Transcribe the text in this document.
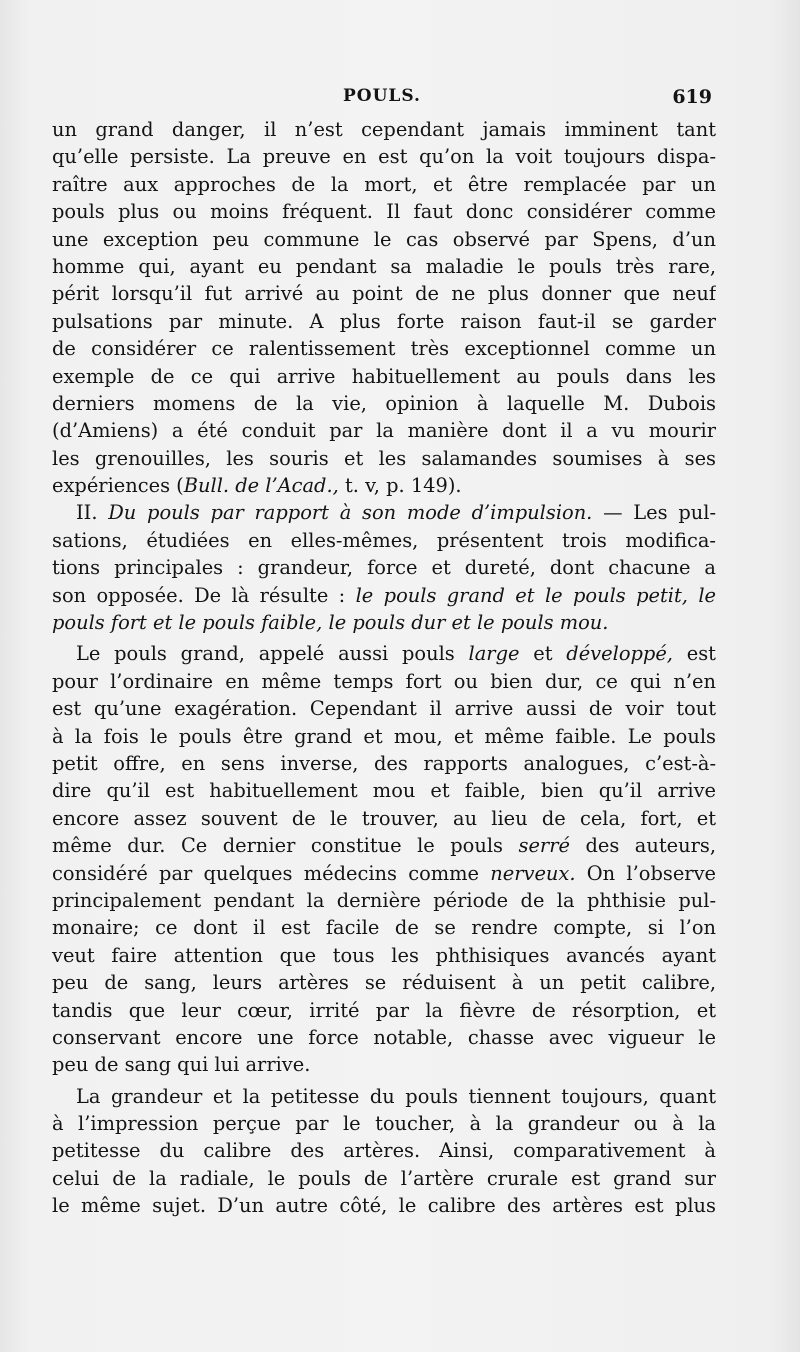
POULS.	619
un grand danger, il n’est cependant jamais imminent tant
qu’elle persiste. La preuve en est qu’on la voit toujours dispa-
raître aux approches de la mort, et être remplacée par un
pouls plus ou moins fréquent. Il faut donc considérer comme
une exception peu commune le cas observé par Spens, d’un
homme qui, ayant eu pendant sa maladie le pouls très rare,
périt lorsqu’il fut arrivé au point de ne plus donner que neuf
pulsations par minute. A plus forte raison faut-il se garder
de considérer ce ralentissement très exceptionnel comme un
exemple de ce qui arrive habituellement au pouls dans les
derniers momens de la vie, opinion à laquelle M. Dubois
(d’Amiens) a été conduit par la manière dont il a vu mourir
les grenouilles, les souris et les salamandes soumises à ses
expériences (Bull. de l’Acad., t. v, p. 149).
II. Du pouls par rapport à son mode d’impulsion. — Les pul-
sations, étudiées en elles-mêmes, présentent trois modifica-
tions principales : grandeur, force et dureté, dont chacune a
son opposée. De là résulte : le pouls grand et le pouls petit, le
pouls fort et le pouls faible, le pouls dur et le pouls mou.
Le pouls grand, appelé aussi pouls large et développé, est
pour l’ordinaire en même temps fort ou bien dur, ce qui n’en
est qu’une exagération. Cependant il arrive aussi de voir tout
à la fois le pouls être grand et mou, et même faible. Le pouls
petit offre, en sens inverse, des rapports analogues, c’est-à-
dire qu’il est habituellement mou et faible, bien qu’il arrive
encore assez souvent de le trouver, au lieu de cela, fort, et
même dur. Ce dernier constitue le pouls serré des auteurs,
considéré par quelques médecins comme nerveux. On l’observe
principalement pendant la dernière période de la phthisie pul-
monaire; ce dont il est facile de se rendre compte, si l’on
veut faire attention que tous les phthisiques avancés ayant
peu de sang, leurs artères se réduisent à un petit calibre,
tandis que leur cœur, irrité par la fièvre de résorption, et
conservant encore une force notable, chasse avec vigueur le
peu de sang qui lui arrive.
La grandeur et la petitesse du pouls tiennent toujours, quant
à l’impression perçue par le toucher, à la grandeur ou à la
petitesse du calibre des artères. Ainsi, comparativement à
celui de la radiale, le pouls de l’artère crurale est grand sur
le même sujet. D’un autre côté, le calibre des artères est plus
